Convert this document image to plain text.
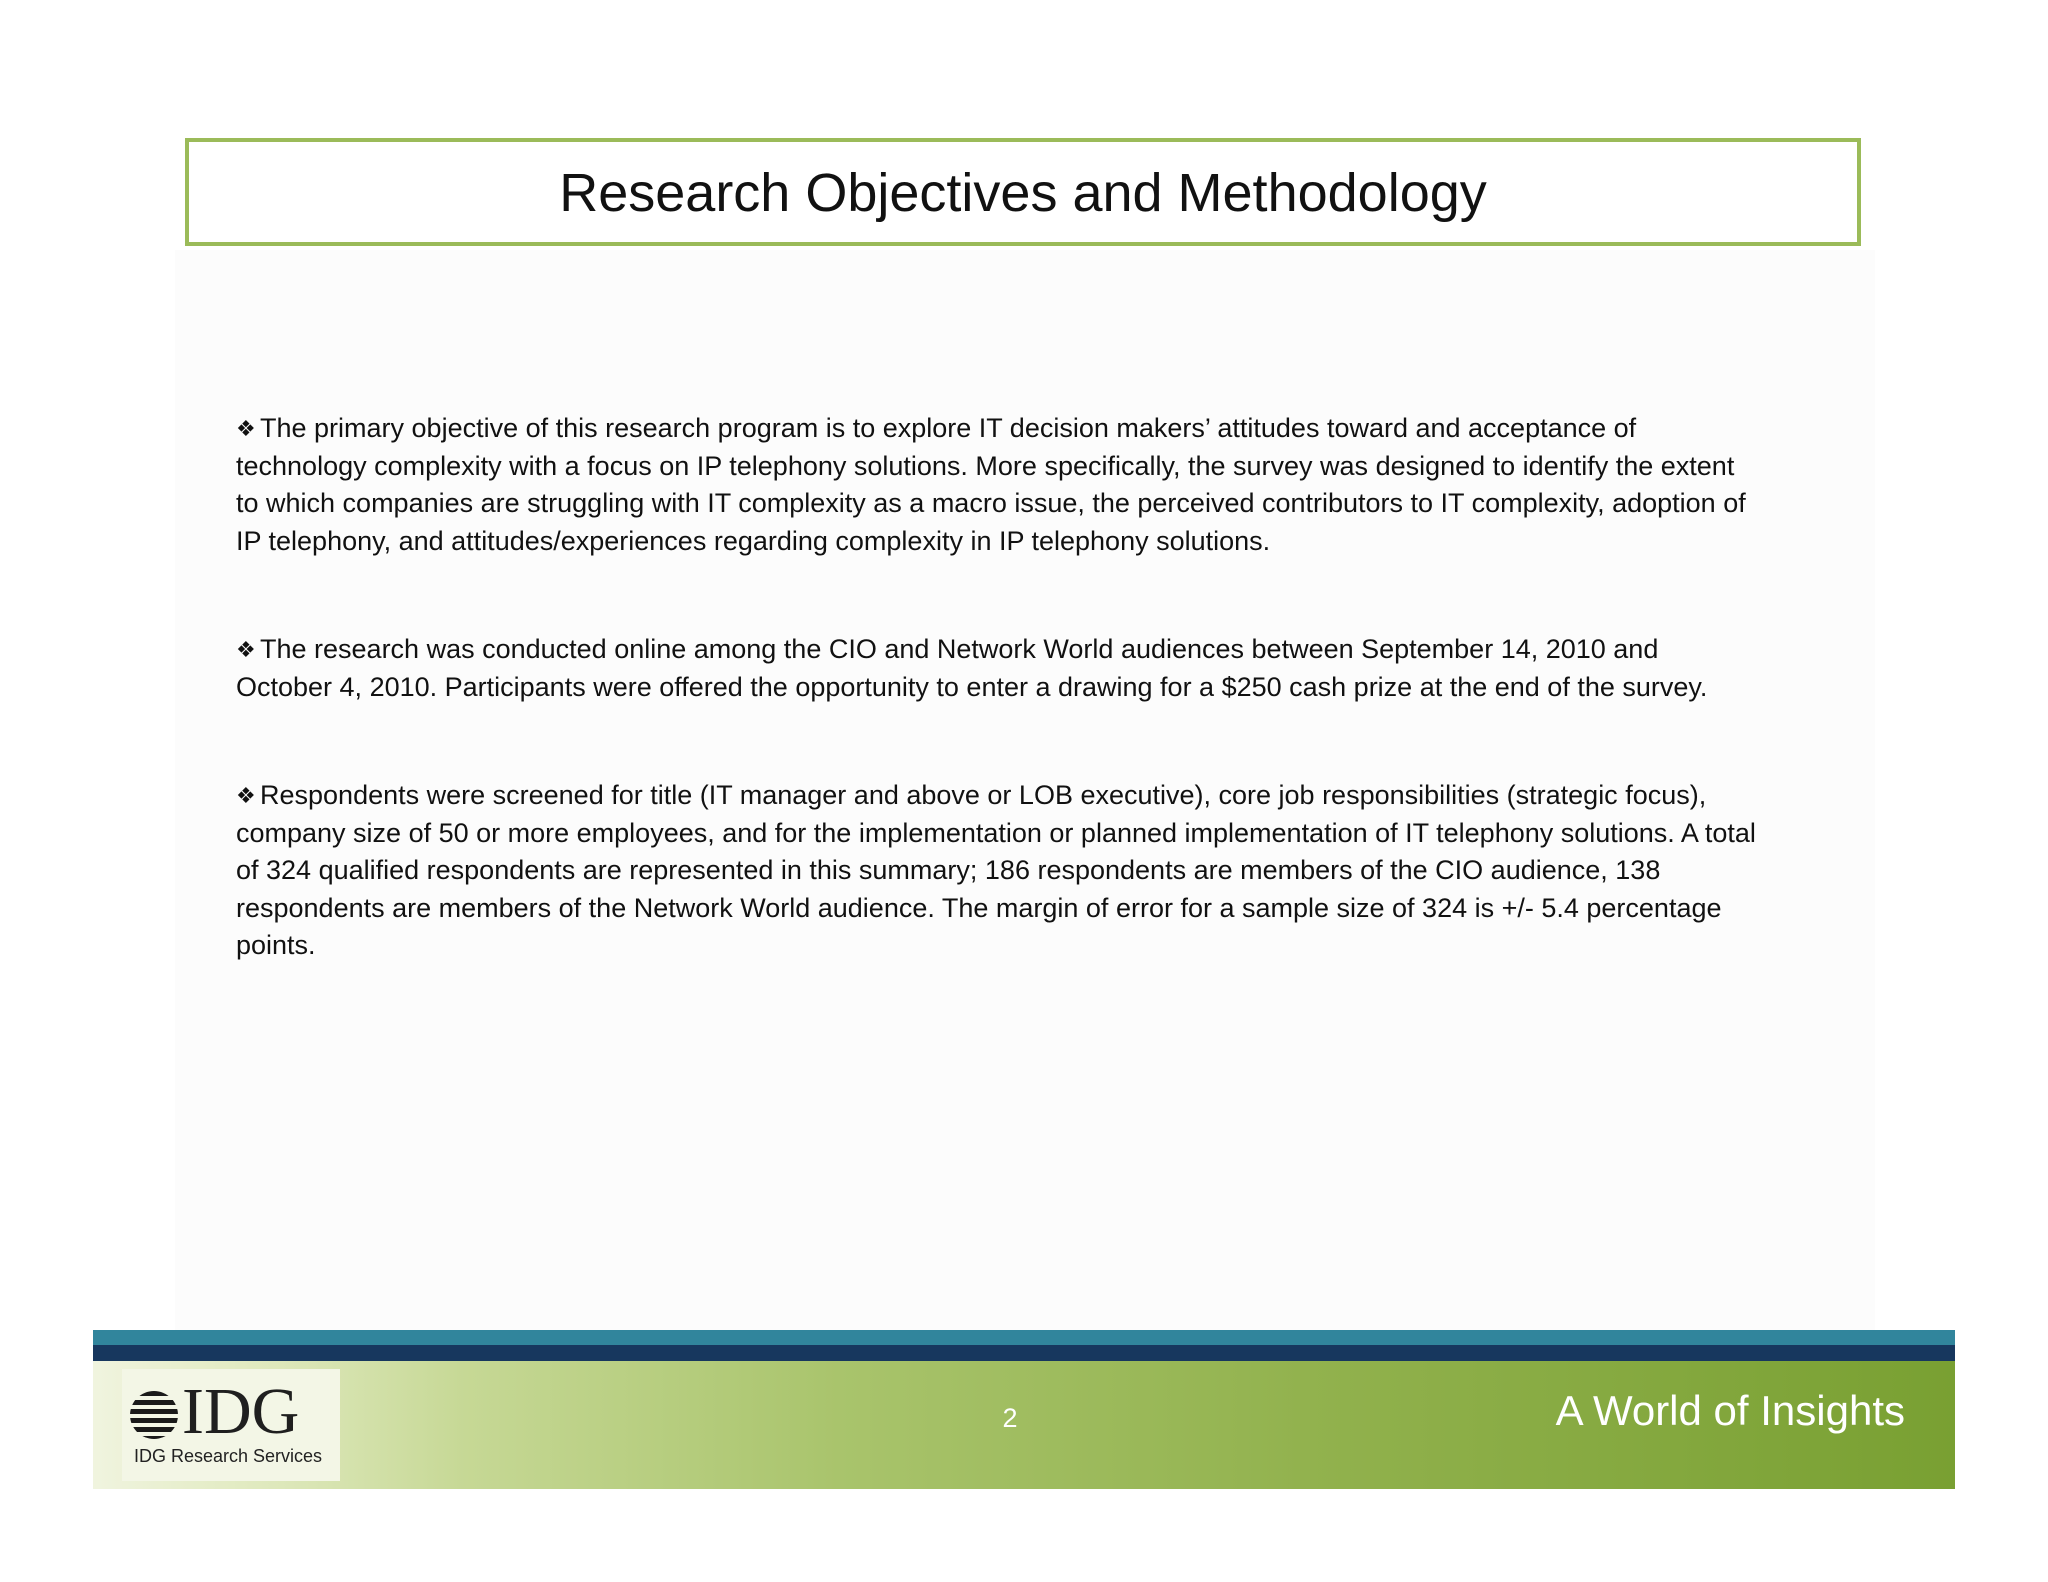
Research Objectives and Methodology

❖ The primary objective of this research program is to explore IT decision makers’ attitudes toward and acceptance of technology complexity with a focus on IP telephony solutions. More specifically, the survey was designed to identify the extent to which companies are struggling with IT complexity as a macro issue, the perceived contributors to IT complexity, adoption of IP telephony, and attitudes/experiences regarding complexity in IP telephony solutions.

❖ The research was conducted online among the CIO and Network World audiences between September 14, 2010 and October 4, 2010. Participants were offered the opportunity to enter a drawing for a $250 cash prize at the end of the survey.

❖ Respondents were screened for title (IT manager and above or LOB executive), core job responsibilities (strategic focus), company size of 50 or more employees, and for the implementation or planned implementation of IT telephony solutions. A total of 324 qualified respondents are represented in this summary; 186 respondents are members of the CIO audience, 138 respondents are members of the Network World audience. The margin of error for a sample size of 324 is +/- 5.4 percentage points.

IDG
IDG Research Services
2	A World of Insights
